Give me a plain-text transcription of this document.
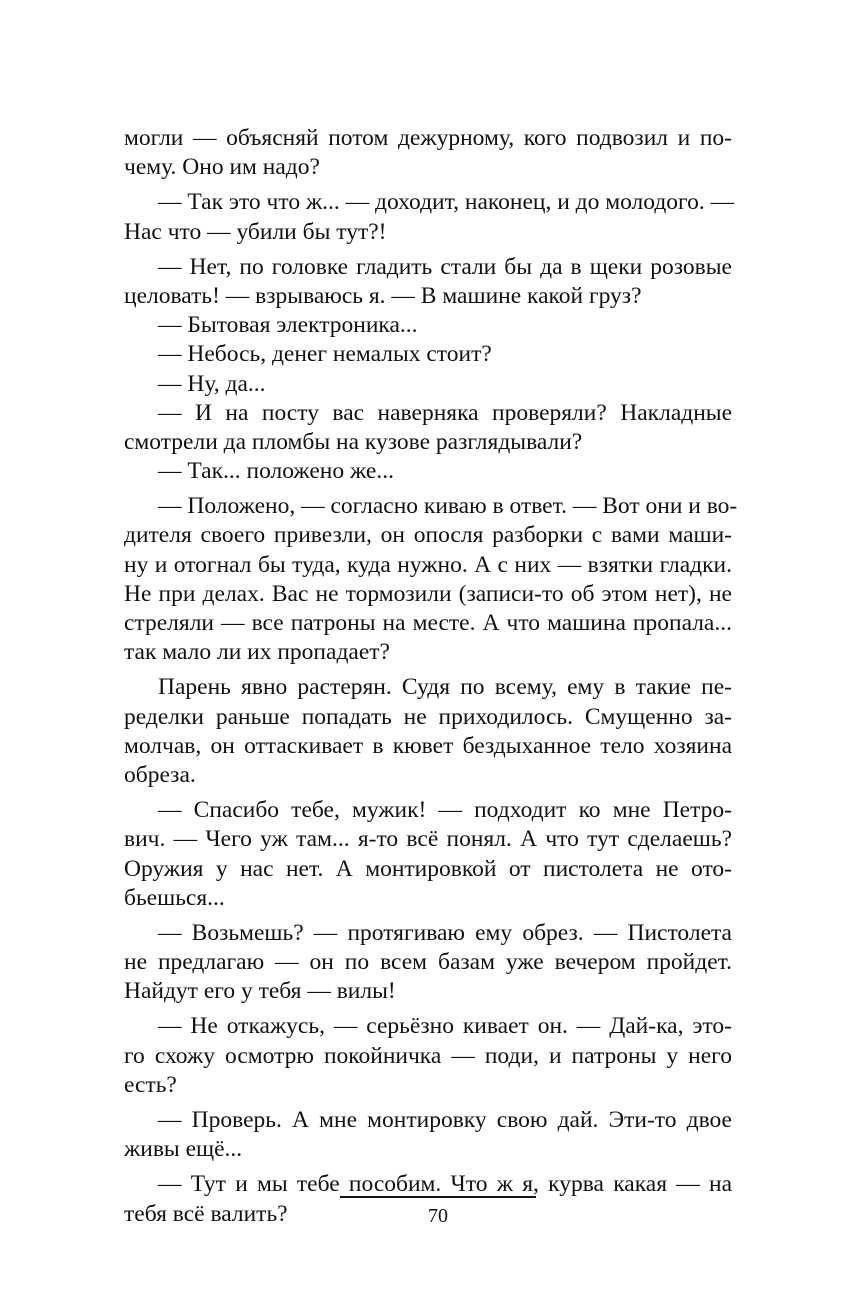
могли — объясняй потом дежурному, кого подвозил и по-
чему. Оно им надо?
— Так это что ж... — доходит, наконец, и до молодого. —
Нас что — убили бы тут?!
— Нет, по головке гладить стали бы да в щеки розовые
целовать! — взрываюсь я. — В машине какой груз?
— Бытовая электроника...
— Небось, денег немалых стоит?
— Ну, да...
— И на посту вас наверняка проверяли? Накладные
смотрели да пломбы на кузове разглядывали?
— Так... положено же...
— Положено, — согласно киваю в ответ. — Вот они и во-
дителя своего привезли, он опосля разборки с вами маши-
ну и отогнал бы туда, куда нужно. А с них — взятки гладки.
Не при делах. Вас не тормозили (записи-то об этом нет), не
стреляли — все патроны на месте. А что машина пропала...
так мало ли их пропадает?
Парень явно растерян. Судя по всему, ему в такие пе-
ределки раньше попадать не приходилось. Смущенно за-
молчав, он оттаскивает в кювет бездыханное тело хозяина
обреза.
— Спасибо тебе, мужик! — подходит ко мне Петро-
вич. — Чего уж там... я-то всё понял. А что тут сделаешь?
Оружия у нас нет. А монтировкой от пистолета не ото-
бьешься...
— Возьмешь? — протягиваю ему обрез. — Пистолета
не предлагаю — он по всем базам уже вечером пройдет.
Найдут его у тебя — вилы!
— Не откажусь, — серьёзно кивает он. — Дай-ка, это-
го схожу осмотрю покойничка — поди, и патроны у него
есть?
— Проверь. А мне монтировку свою дай. Эти-то двое
живы ещё...
— Тут и мы тебе пособим. Что ж я, курва какая — на
тебя всё валить?	70
